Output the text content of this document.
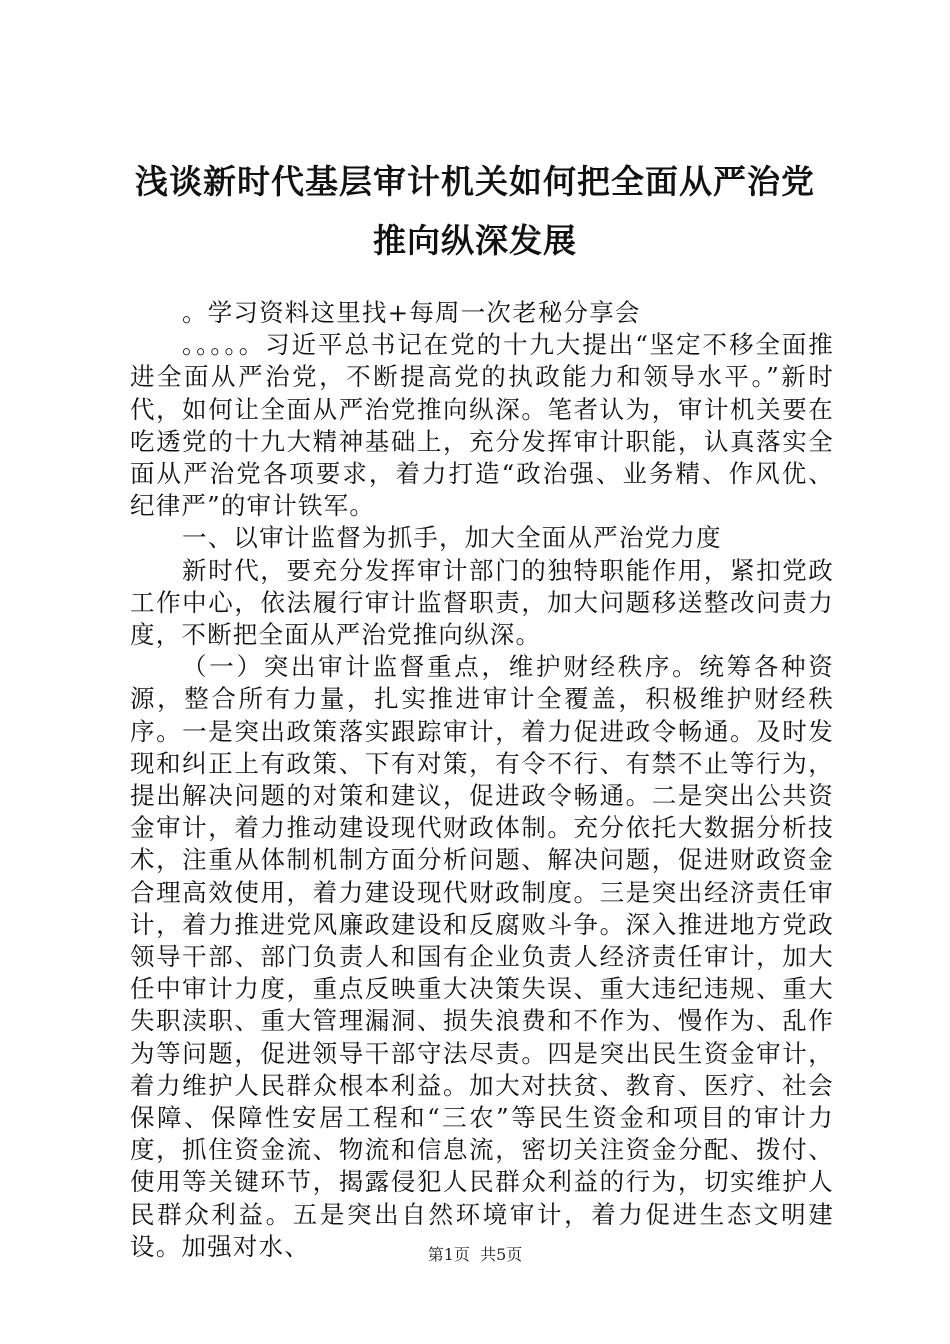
浅谈新时代基层审计机关如何把全面从严治党
推向纵深发展

。学习资料这里找+每周一次老秘分享会

。。。。。习近平总书记在党的十九大提出“坚定不移全面推进全面从严治党，不断提高党的执政能力和领导水平。”新时代，如何让全面从严治党推向纵深。笔者认为，审计机关要在吃透党的十九大精神基础上，充分发挥审计职能，认真落实全面从严治党各项要求，着力打造“政治强、业务精、作风优、纪律严”的审计铁军。

一、以审计监督为抓手，加大全面从严治党力度

新时代，要充分发挥审计部门的独特职能作用，紧扣党政工作中心，依法履行审计监督职责，加大问题移送整改问责力度，不断把全面从严治党推向纵深。

（一）突出审计监督重点，维护财经秩序。统筹各种资源，整合所有力量，扎实推进审计全覆盖，积极维护财经秩序。一是突出政策落实跟踪审计，着力促进政令畅通。及时发现和纠正上有政策、下有对策，有令不行、有禁不止等行为，提出解决问题的对策和建议，促进政令畅通。二是突出公共资金审计，着力推动建设现代财政体制。充分依托大数据分析技术，注重从体制机制方面分析问题、解决问题，促进财政资金合理高效使用，着力建设现代财政制度。三是突出经济责任审计，着力推进党风廉政建设和反腐败斗争。深入推进地方党政领导干部、部门负责人和国有企业负责人经济责任审计，加大任中审计力度，重点反映重大决策失误、重大违纪违规、重大失职渎职、重大管理漏洞、损失浪费和不作为、慢作为、乱作为等问题，促进领导干部守法尽责。四是突出民生资金审计，着力维护人民群众根本利益。加大对扶贫、教育、医疗、社会保障、保障性安居工程和“三农”等民生资金和项目的审计力度，抓住资金流、物流和信息流，密切关注资金分配、拨付、使用等关键环节，揭露侵犯人民群众利益的行为，切实维护人民群众利益。五是突出自然环境审计，着力促进生态文明建设。加强对水、	第1页  共5页
